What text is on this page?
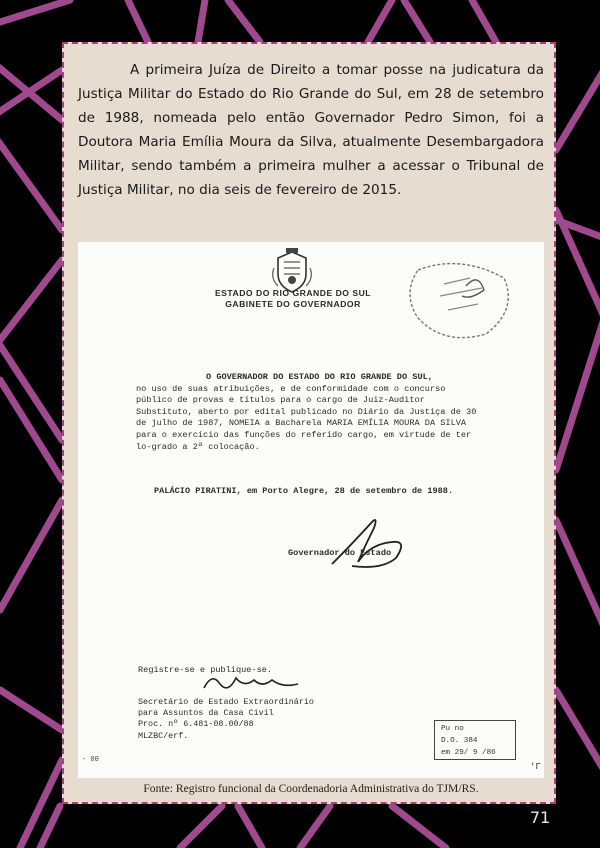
A primeira Juíza de Direito a tomar posse na judicatura da Justiça Militar do Estado do Rio Grande do Sul, em 28 de setembro de 1988, nomeada pelo então Governador Pedro Simon, foi a Doutora Maria Emília Moura da Silva, atualmente Desembargadora Militar, sendo também a primeira mulher a acessar o Tribunal de Justiça Militar, no dia seis de fevereiro de 2015.

ESTADO DO RIO GRANDE DO SUL
GABINETE DO GOVERNADOR
O GOVERNADOR DO ESTADO DO RIO GRANDE DO SUL,
no uso de suas atribuições, e de conformidade com o concurso público de provas e títulos para o cargo de Juiz-Auditor Substituto, aberto por edital publicado no Diário da Justiça de 30 de julho de 1987, NOMEIA a Bacharela MARIA EMÍLIA MOURA DA SILVA para o exercício das funções do referido cargo, em virtude de ter lo-grado a 2ª colocação.
PALÁCIO PIRATINI, em Porto Alegre, 28 de setembro de 1988.
Governador do Estado
Registre-se e publique-se.
Secretário de Estado Extraordinário
para Assuntos da Casa Civil
Proc. nº 6.481-08.00/88
MLZBC/erf.
Pu no
D.O. 384
em 29/ 9 /86
- 00
'Г
Fonte: Registro funcional da Coordenadoria Administrativa do TJM/RS.
71
